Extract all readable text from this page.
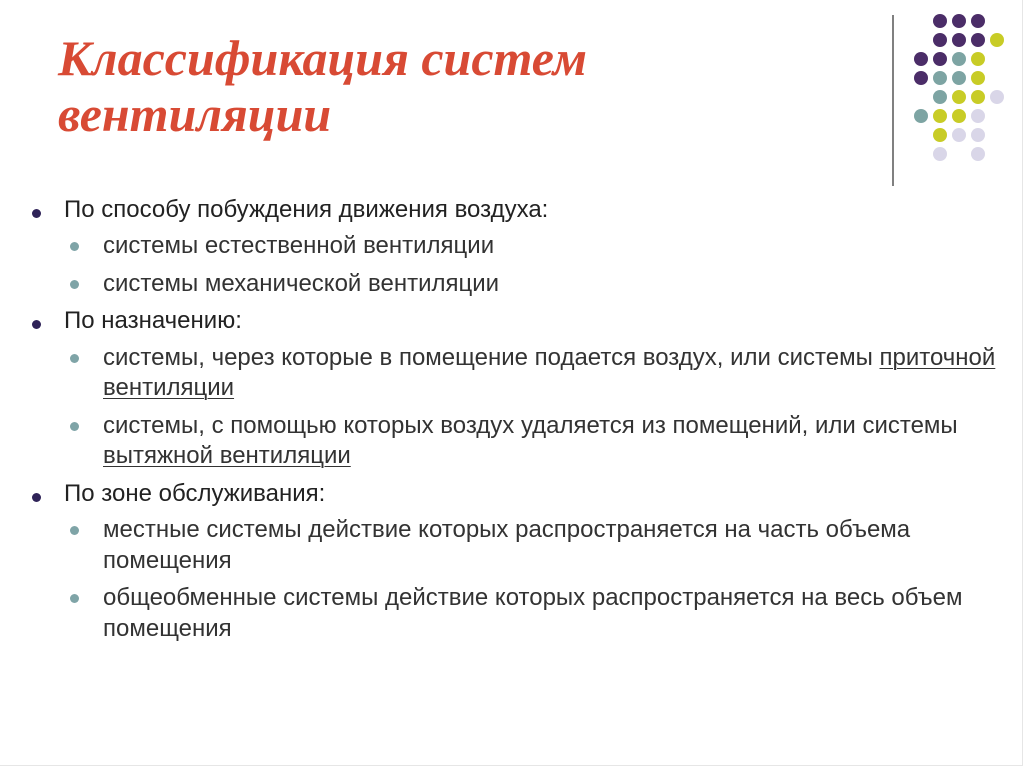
Классификация систем вентиляции
По способу побуждения движения воздуха:
системы естественной вентиляции
системы механической вентиляции
По назначению:
системы, через которые в помещение подается воздух, или системы приточной вентиляции
системы, с помощью которых воздух удаляется из помещений, или системы вытяжной вентиляции
По зоне обслуживания:
местные системы действие которых распространяется на часть объема помещения
общеобменные системы действие которых распространяется на весь объем помещения
